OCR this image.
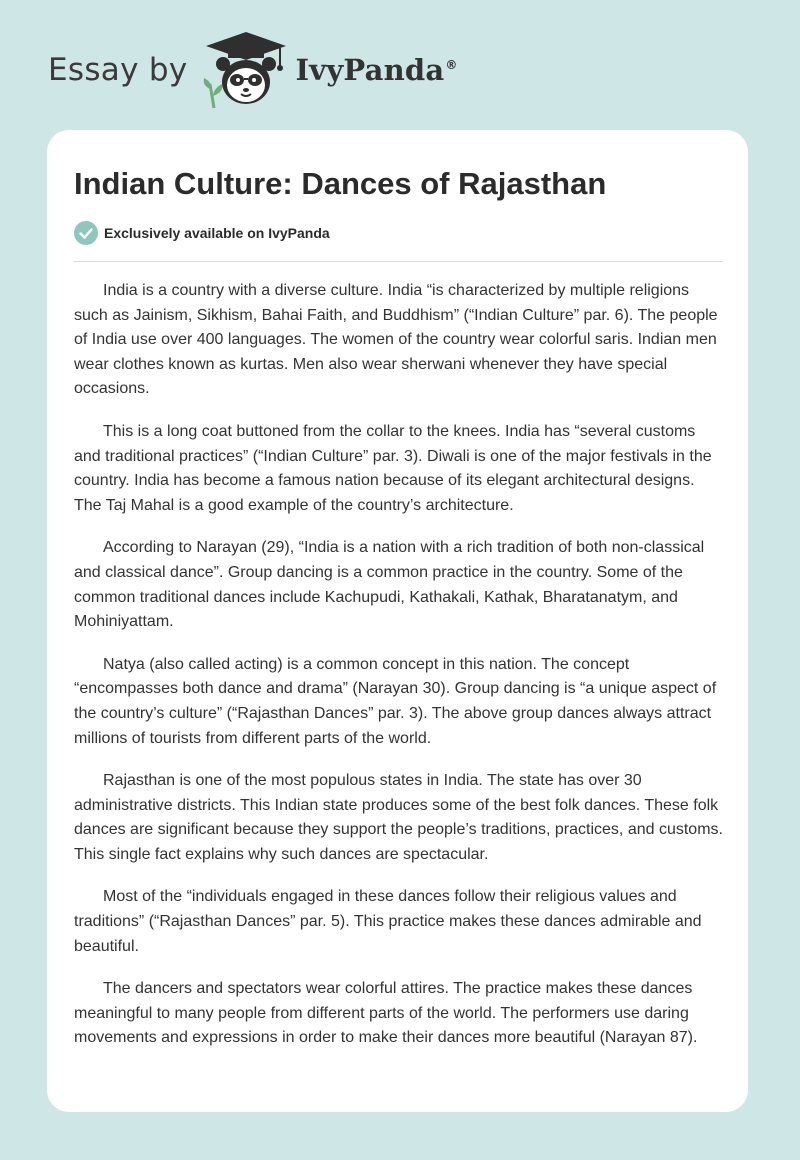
Essay by	IvyPanda®
Indian Culture: Dances of Rajasthan
Exclusively available on IvyPanda

India is a country with a diverse culture. India “is characterized by multiple religions such as Jainism, Sikhism, Bahai Faith, and Buddhism” (“Indian Culture” par. 6). The people of India use over 400 languages. The women of the country wear colorful saris. Indian men wear clothes known as kurtas. Men also wear sherwani whenever they have special occasions.

This is a long coat buttoned from the collar to the knees. India has “several customs and traditional practices” (“Indian Culture” par. 3). Diwali is one of the major festivals in the country. India has become a famous nation because of its elegant architectural designs. The Taj Mahal is a good example of the country’s architecture.

According to Narayan (29), “India is a nation with a rich tradition of both non-classical and classical dance”. Group dancing is a common practice in the country. Some of the common traditional dances include Kachupudi, Kathakali, Kathak, Bharatanatym, and Mohiniyattam.

Natya (also called acting) is a common concept in this nation. The concept “encompasses both dance and drama” (Narayan 30). Group dancing is “a unique aspect of the country’s culture” (“Rajasthan Dances” par. 3). The above group dances always attract millions of tourists from different parts of the world.

Rajasthan is one of the most populous states in India. The state has over 30 administrative districts. This Indian state produces some of the best folk dances. These folk dances are significant because they support the people’s traditions, practices, and customs. This single fact explains why such dances are spectacular.

Most of the “individuals engaged in these dances follow their religious values and traditions” (“Rajasthan Dances” par. 5). This practice makes these dances admirable and beautiful.

The dancers and spectators wear colorful attires. The practice makes these dances meaningful to many people from different parts of the world. The performers use daring movements and expressions in order to make their dances more beautiful (Narayan 87).
